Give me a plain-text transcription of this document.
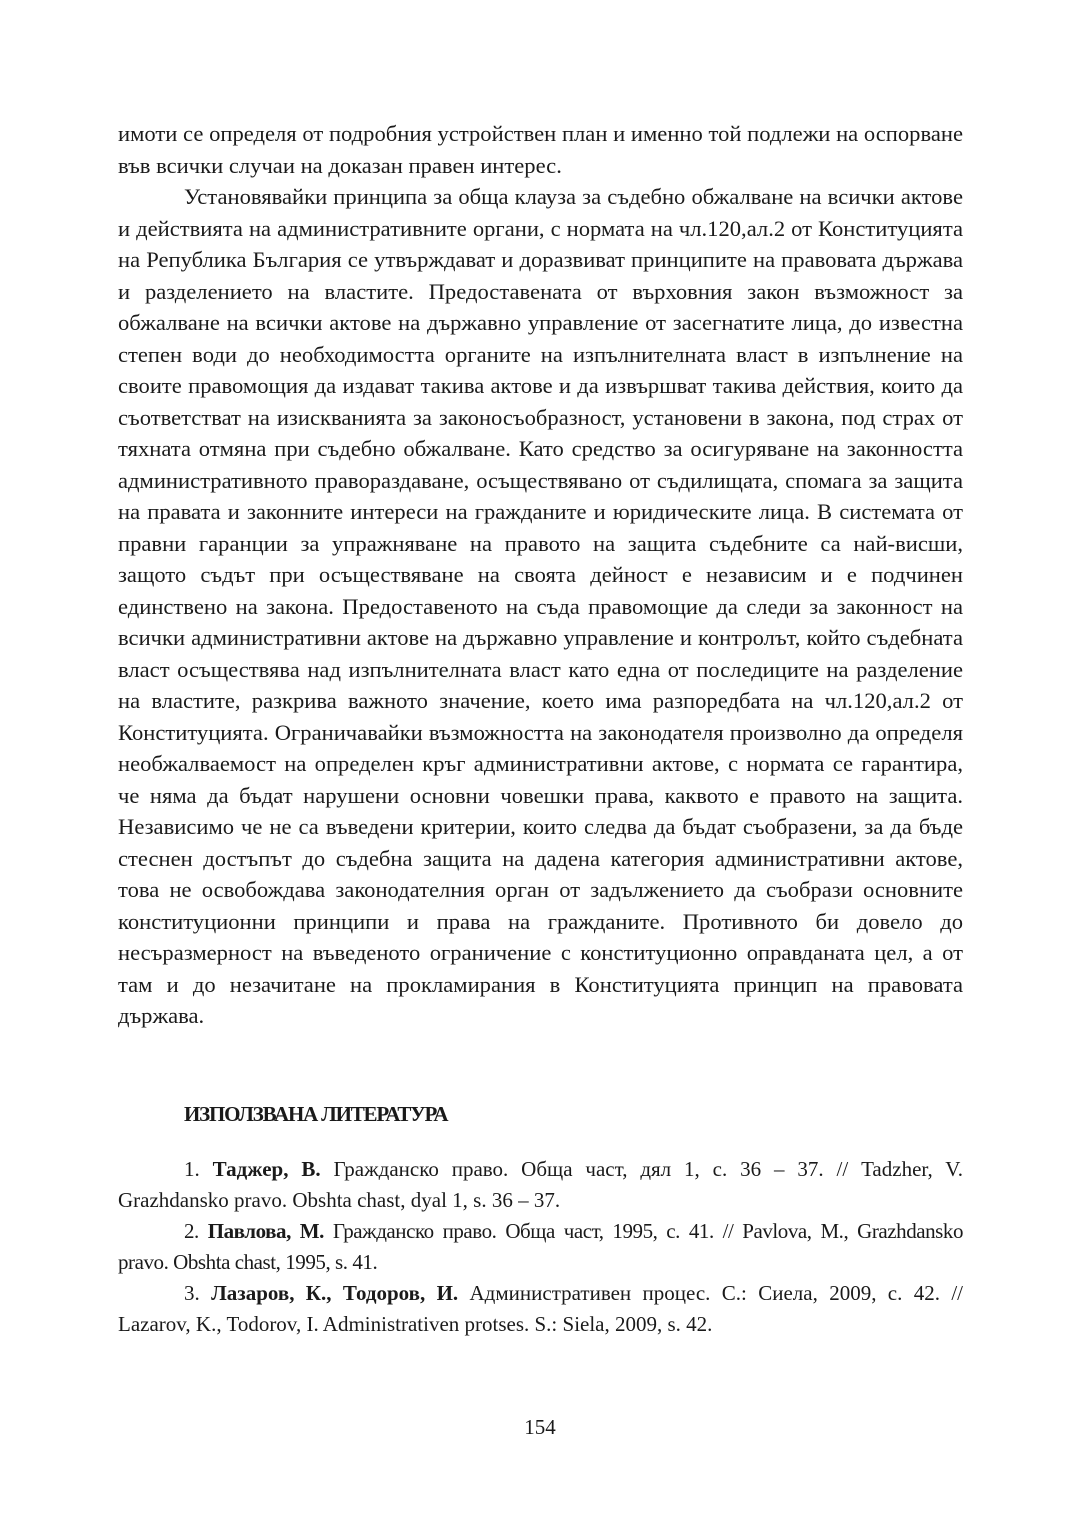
имоти се определя от подробния устройствен план и именно той подлежи на оспорване във всички случаи на доказан правен интерес.

Установявайки принципа за обща клауза за съдебно обжалване на всички актове и действията на административните органи, с нормата на чл.120,ал.2 от Конституцията на Република България се утвърждават и доразвиват принципите на правовата държава и разделението на властите. Предоставената от върховния закон възможност за обжалване на всички актове на държавно управление от засегнатите лица, до известна степен води до необходимостта органите на изпълнителната власт в изпълнение на своите правомощия да издават такива актове и да извършват такива действия, които да съответстват на изискванията за законосъобразност, установени в закона, под страх от тяхната отмяна при съдебно обжалване. Като средство за осигуряване на законността административното правораздаване, осъществявано от съдилищата, спомага за защита на правата и законните интереси на гражданите и юридическите лица. В системата от правни гаранции за упражняване на правото на защита съдебните са най-висши, защото съдът при осъществяване на своята дейност е независим и е подчинен единствено на закона. Предоставеното на съда правомощие да следи за законност на всички административни актове на държавно управление и контролът, който съдебната власт осъществява над изпълнителната власт като една от последиците на разделение на властите, разкрива важното значение, което има разпоредбата на чл.120,ал.2 от Конституцията. Ограничавайки възможността на законодателя произволно да определя необжалваемост на определен кръг административни актове, с нормата се гарантира, че няма да бъдат нарушени основни човешки права, каквото е правото на защита. Независимо че не са въведени критерии, които следва да бъдат съобразени, за да бъде стеснен достъпът до съдебна защита на дадена категория административни актове, това не освобождава законодателния орган от задължението да съобрази основните конституционни принципи и права на гражданите. Противното би довело до несъразмерност на въведеното ограничение с конституционно оправданата цел, а от там и до незачитане на прокламирания в Конституцията принцип на правовата държава.

ИЗПОЛЗВАНА ЛИТЕРАТУРА

1. Таджер, В. Гражданско право. Обща част, дял 1, с. 36 – 37. // Tadzher, V. Grazhdansko pravo. Obshta chast, dyal 1, s. 36 – 37.

2. Павлова, М. Гражданско право. Обща част, 1995, с. 41. // Pavlova, M., Grazhdansko pravo. Obshta chast, 1995, s. 41.

3. Лазаров, К., Тодоров, И. Административен процес. С.: Сиела, 2009, с. 42. // Lazarov, K., Todorov, I. Administrativen protses. S.: Siela, 2009, s. 42.

154
